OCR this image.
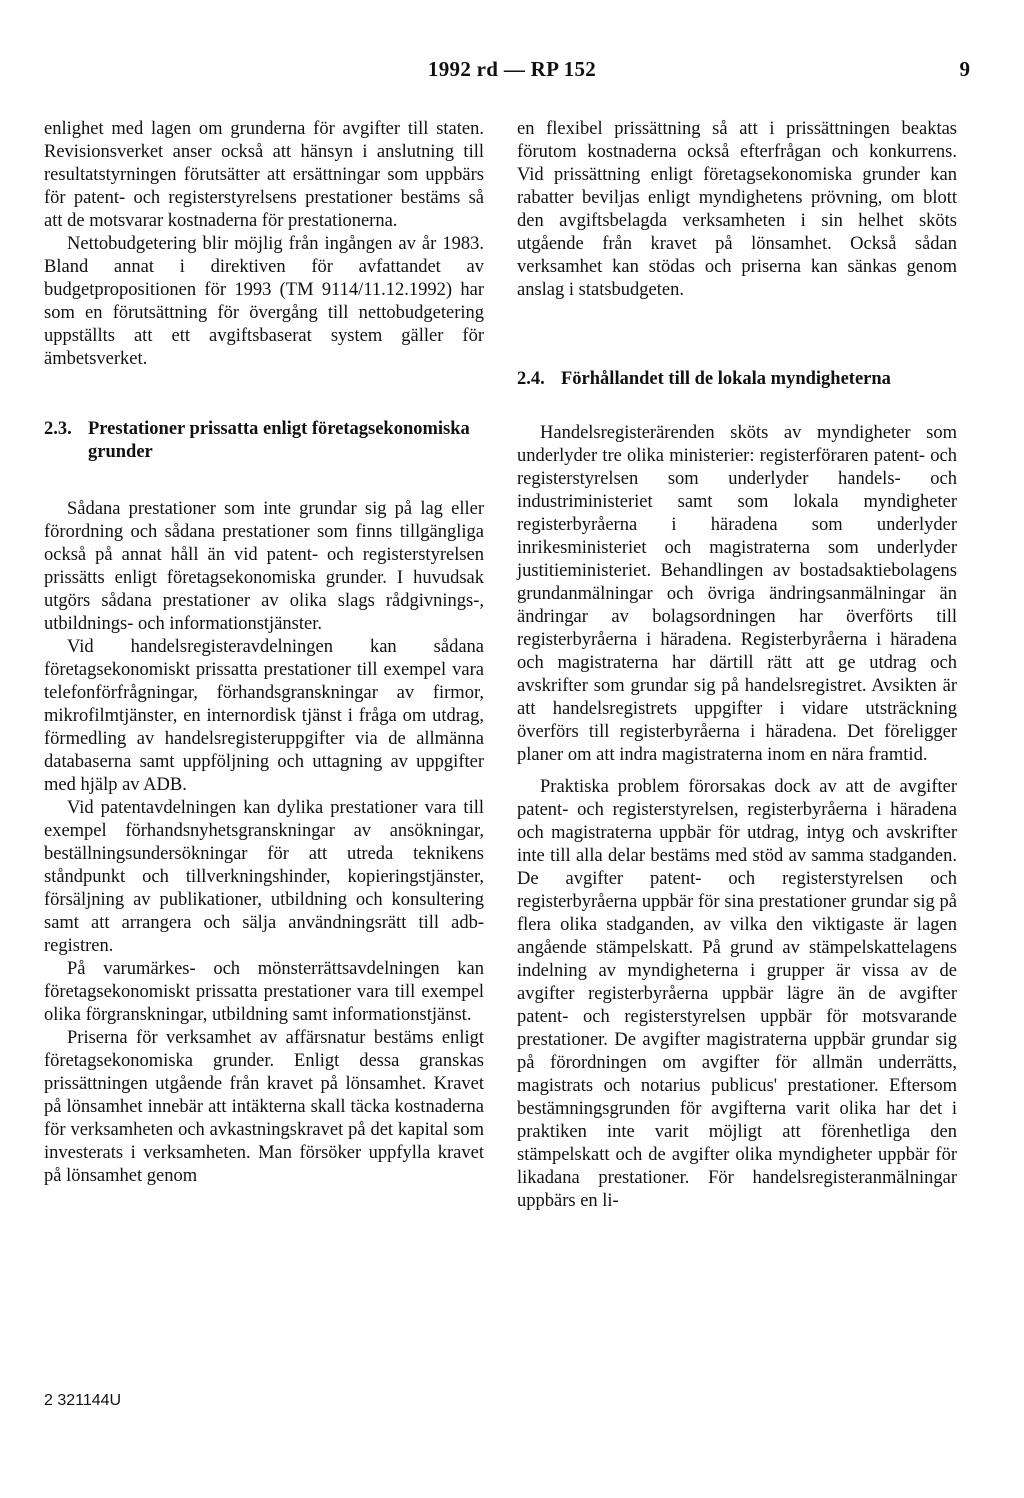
1992 rd — RP 152	9

enlighet med lagen om grunderna för avgifter till staten. Revisionsverket anser också att hänsyn i anslutning till resultatstyrningen förutsätter att ersättningar som uppbärs för patent- och registerstyrelsens prestationer bestäms så att de motsvarar kostnaderna för prestationerna.

Nettobudgetering blir möjlig från ingången av år 1983. Bland annat i direktiven för avfattandet av budgetpropositionen för 1993 (TM 9114/11.12.1992) har som en förutsättning för övergång till nettobudgetering uppställts att ett avgiftsbaserat system gäller för ämbetsverket.

2.3. Prestationer prissatta enligt företagsekonomiska grunder

Sådana prestationer som inte grundar sig på lag eller förordning och sådana prestationer som finns tillgängliga också på annat håll än vid patent- och registerstyrelsen prissätts enligt företagsekonomiska grunder. I huvudsak utgörs sådana prestationer av olika slags rådgivnings-, utbildnings- och informationstjänster.

Vid handelsregisteravdelningen kan sådana företagsekonomiskt prissatta prestationer till exempel vara telefonförfrågningar, förhandsgranskningar av firmor, mikrofilmtjänster, en internordisk tjänst i fråga om utdrag, förmedling av handelsregisteruppgifter via de allmänna databaserna samt uppföljning och uttagning av uppgifter med hjälp av ADB.

Vid patentavdelningen kan dylika prestationer vara till exempel förhandsnyhetsgranskningar av ansökningar, beställningsundersökningar för att utreda teknikens ståndpunkt och tillverkningshinder, kopieringstjänster, försäljning av publikationer, utbildning och konsultering samt att arrangera och sälja användningsrätt till adb-registren.

På varumärkes- och mönsterrättsavdelningen kan företagsekonomiskt prissatta prestationer vara till exempel olika förgranskningar, utbildning samt informationstjänst.

Priserna för verksamhet av affärsnatur bestäms enligt företagsekonomiska grunder. Enligt dessa granskas prissättningen utgående från kravet på lönsamhet. Kravet på lönsamhet innebär att intäkterna skall täcka kostnaderna för verksamheten och avkastningskravet på det kapital som investerats i verksamheten. Man försöker uppfylla kravet på lönsamhet genom

en flexibel prissättning så att i prissättningen beaktas förutom kostnaderna också efterfrågan och konkurrens. Vid prissättning enligt företagsekonomiska grunder kan rabatter beviljas enligt myndighetens prövning, om blott den avgiftsbelagda verksamheten i sin helhet sköts utgående från kravet på lönsamhet. Också sådan verksamhet kan stödas och priserna kan sänkas genom anslag i statsbudgeten.

2.4. Förhållandet till de lokala myndigheterna

Handelsregisterärenden sköts av myndigheter som underlyder tre olika ministerier: registerföraren patent- och registerstyrelsen som underlyder handels- och industriministeriet samt som lokala myndigheter registerbyråerna i häradena som underlyder inrikesministeriet och magistraterna som underlyder justitieministeriet. Behandlingen av bostadsaktiebolagens grundanmälningar och övriga ändringsanmälningar än ändringar av bolagsordningen har överförts till registerbyråerna i häradena. Registerbyråerna i häradena och magistraterna har därtill rätt att ge utdrag och avskrifter som grundar sig på handelsregistret. Avsikten är att handelsregistrets uppgifter i vidare utsträckning överförs till registerbyråerna i häradena. Det föreligger planer om att indra magistraterna inom en nära framtid.

Praktiska problem förorsakas dock av att de avgifter patent- och registerstyrelsen, registerbyråerna i häradena och magistraterna uppbär för utdrag, intyg och avskrifter inte till alla delar bestäms med stöd av samma stadganden. De avgifter patent- och registerstyrelsen och registerbyråerna uppbär för sina prestationer grundar sig på flera olika stadganden, av vilka den viktigaste är lagen angående stämpelskatt. På grund av stämpelskattelagens indelning av myndigheterna i grupper är vissa av de avgifter registerbyråerna uppbär lägre än de avgifter patent- och registerstyrelsen uppbär för motsvarande prestationer. De avgifter magistraterna uppbär grundar sig på förordningen om avgifter för allmän underrätts, magistrats och notarius publicus' prestationer. Eftersom bestämningsgrunden för avgifterna varit olika har det i praktiken inte varit möjligt att förenhetliga den stämpelskatt och de avgifter olika myndigheter uppbär för likadana prestationer. För handelsregisteranmälningar uppbärs en li-

2 321144U
